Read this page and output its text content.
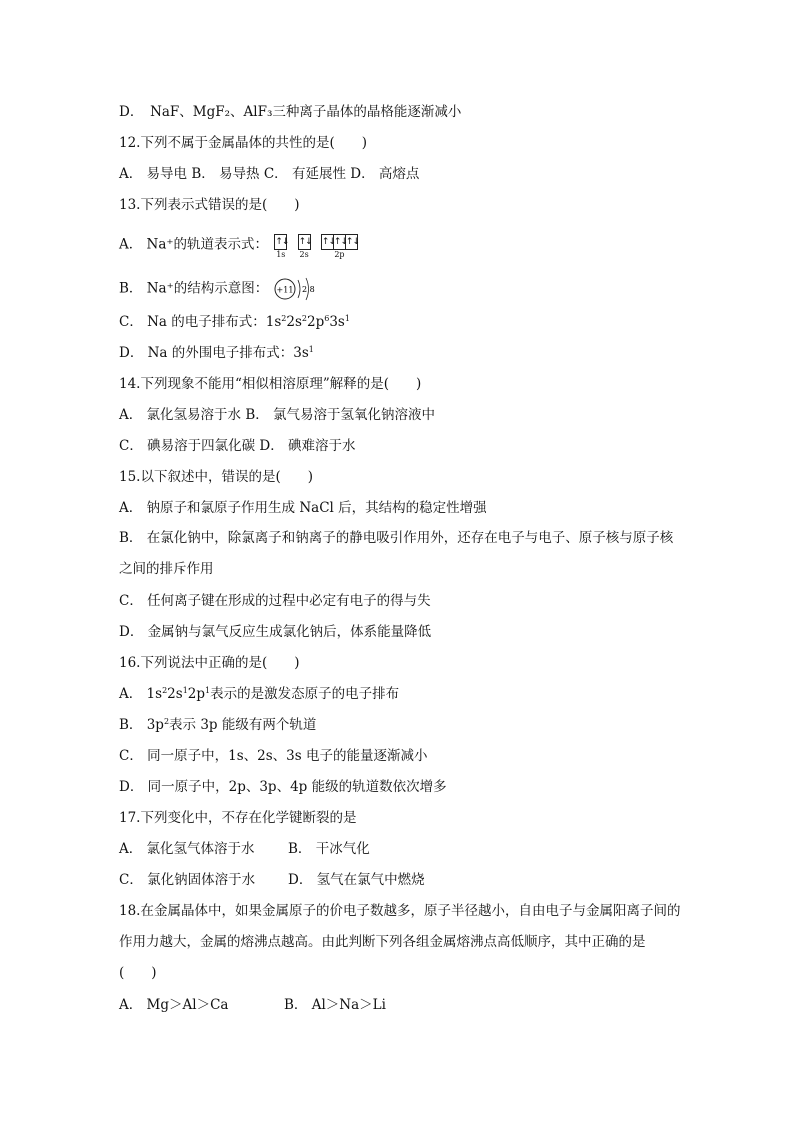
D．　NaF、MgF₂、AlF₃三种离子晶体的晶格能逐渐减小
12.下列不属于金属晶体的共性的是(　　)
A． 易导电 B． 易导热 C． 有延展性 D． 高熔点
13.下列表示式错误的是(　　)
A． Na⁺的轨道表示式： ↑↓
1s

↑↓
2s

↑↓
↑↓
↑↓
2p
B． Na⁺的结构示意图： +11 2 8
C． Na 的电子排布式：$1s^22s^22p^63s^1$
D． Na 的外围电子排布式：$3s^1$
14.下列现象不能用“相似相溶原理”解释的是(　　)
A． 氯化氢易溶于水 B． 氯气易溶于氢氧化钠溶液中
C． 碘易溶于四氯化碳 D． 碘难溶于水
15.以下叙述中，错误的是(　　)
A． 钠原子和氯原子作用生成 NaCl 后，其结构的稳定性增强
B． 在氯化钠中，除氯离子和钠离子的静电吸引作用外，还存在电子与电子、原子核与原子核之间的排斥作用
C． 任何离子键在形成的过程中必定有电子的得与失
D． 金属钠与氯气反应生成氯化钠后，体系能量降低
16.下列说法中正确的是(　　)
A． $1s^22s^12p^1$表示的是激发态原子的电子排布
B． $3p^2$表示 3p 能级有两个轨道
C． 同一原子中，1s、2s、3s 电子的能量逐渐减小
D． 同一原子中，2p、3p、4p 能级的轨道数依次增多
17.下列变化中，不存在化学键断裂的是
A． 氯化氢气体溶于水 B． 干冰气化
C． 氯化钠固体溶于水 D． 氢气在氯气中燃烧
18.在金属晶体中，如果金属原子的价电子数越多，原子半径越小，自由电子与金属阳离子间的作用力越大，金属的熔沸点越高。由此判断下列各组金属熔沸点高低顺序，其中正确的是(　　)
A． Mg＞Al＞Ca	B． Al＞Na＞Li
